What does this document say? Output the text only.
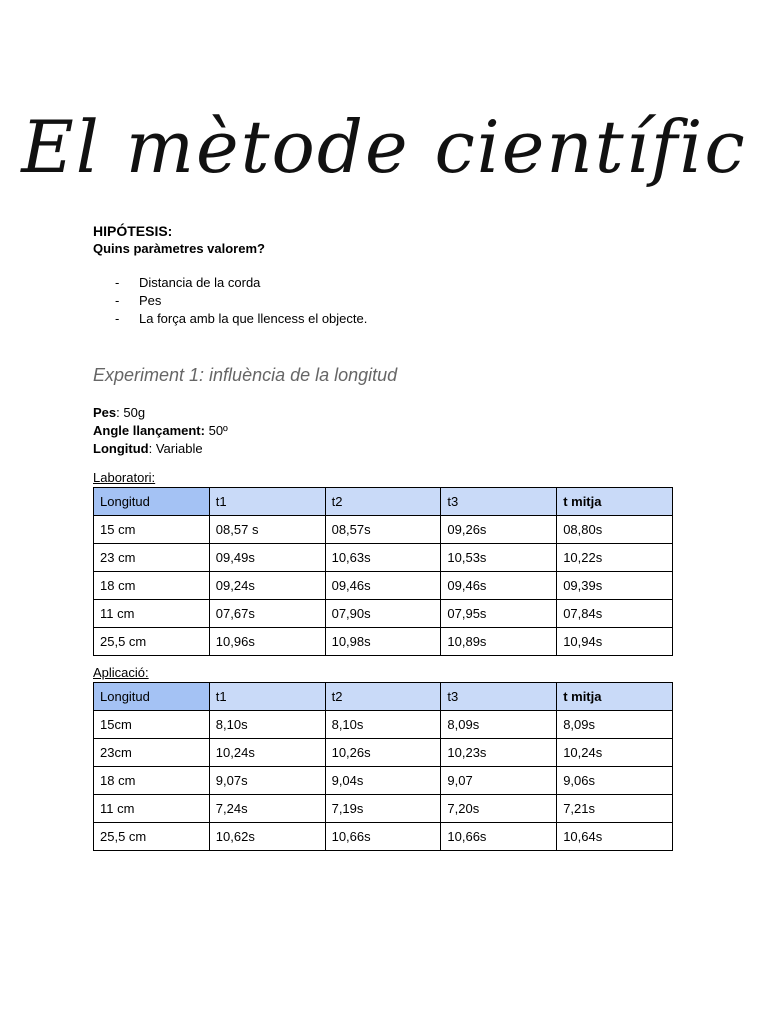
El mètode científic

HIPÓTESIS:

Quins paràmetres valorem?

- Distancia de la corda
- Pes
- La força amb la que llencess el objecte.

Experiment 1: influència de la longitud

Pes: 50g
Angle llançament: 50º
Longitud: Variable
Laboratori:
Longitud	t1	t2	t3	t mitja
15 cm	08,57 s	08,57s	09,26s	08,80s
23 cm	09,49s	10,63s	10,53s	10,22s
18 cm	09,24s	09,46s	09,46s	09,39s
11 cm	07,67s	07,90s	07,95s	07,84s
25,5 cm	10,96s	10,98s	10,89s	10,94s
Aplicació:
Longitud	t1	t2	t3	t mitja
15cm	8,10s	8,10s	8,09s	8,09s
23cm	10,24s	10,26s	10,23s	10,24s
18 cm	9,07s	9,04s	9,07	9,06s
11 cm	7,24s	7,19s	7,20s	7,21s
25,5 cm	10,62s	10,66s	10,66s	10,64s
